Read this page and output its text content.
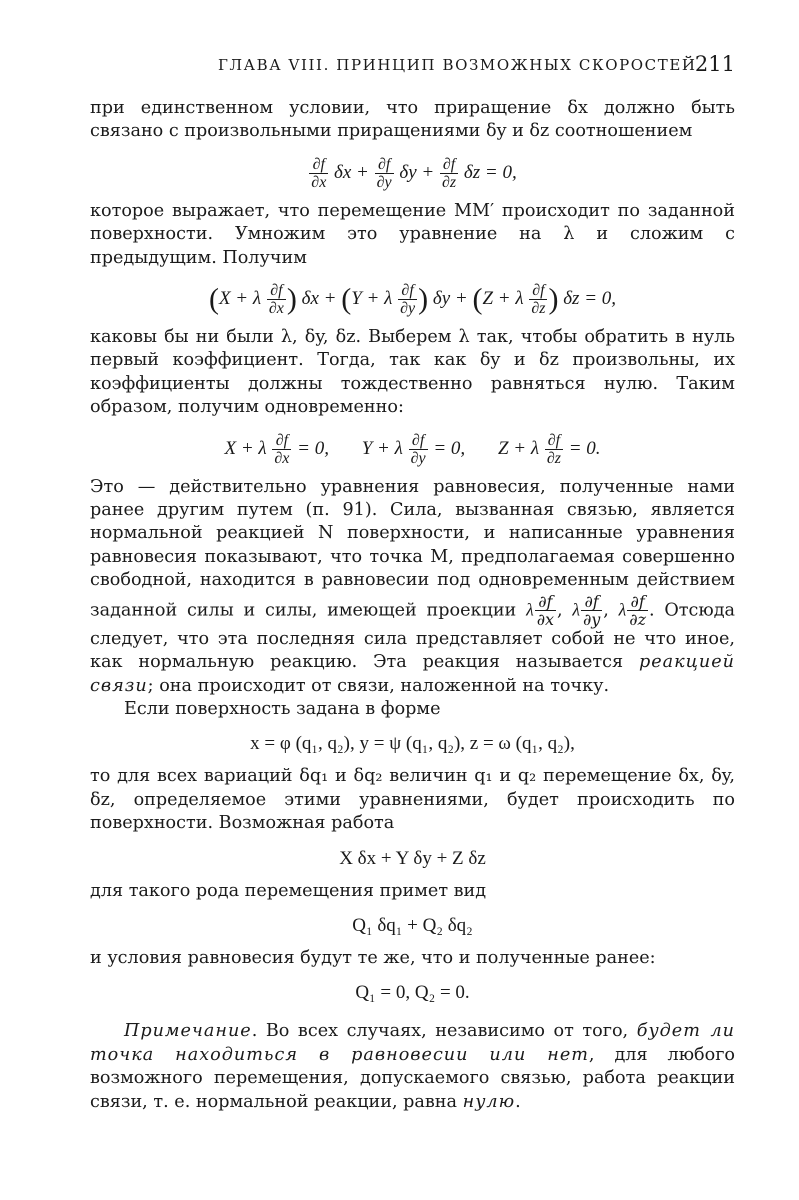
ГЛАВА VIII. ПРИНЦИП ВОЗМОЖНЫХ СКОРОСТЕЙ
211

при единственном условии, что приращение δx должно быть связано с произвольными приращениями δy и δz соотношением

$\frac{\partial f}{\partial x}$ $\delta x + \frac{\partial f}{\partial y}$ $\delta y + \frac{\partial f}{\partial z}$ δz = 0,

которое выражает, что перемещение MM′ происходит по заданной поверхности. Умножим это уравнение на λ и сложим с предыдущим. Получим

(X + λ $\frac{\partial f}{\partial x}$ ) δx + (Y + λ $\frac{\partial f}{\partial y}$ ) δy + (Z + λ $\frac{\partial f}{\partial z}$ ) δz = 0,

каковы бы ни были λ, δy, δz. Выберем λ так, чтобы обратить в нуль первый коэффициент. Тогда, так как δy и δz произвольны, их коэффициенты должны тождественно равняться нулю. Таким образом, получим одновременно:

X + λ $\frac{\partial f}{\partial x} = 0$, Y + λ $\frac{\partial f}{\partial y} = 0$, Z + λ $\frac{\partial f}{\partial z} = 0$.

Это — действительно уравнения равновесия, полученные нами ранее другим путем (п. 91). Сила, вызванная связью, является нормальной реакцией N поверхности, и написанные уравнения равновесия показывают, что точка M, предполагаемая совершенно свободной, находится в равновесии под одновременным действием заданной силы и силы, имеющей проекции λ $\frac{\partial f}{\partial x}$ , λ $\frac{\partial f}{\partial y}$ , λ $\frac{\partial f}{\partial z}$ . Отсюда следует, что эта последняя сила представляет собой не что иное, как нормальную реакцию. Эта реакция называется реакцией связи; она происходит от связи, наложенной на точку.

Если поверхность задана в форме

x = φ (q₁, q₂), y = ψ (q₁, q₂), z = ω (q₁, q₂),

то для всех вариаций δq₁ и δq₂ величин q₁ и q₂ перемещение δx, δy, δz, определяемое этими уравнениями, будет происходить по поверхности. Возможная работа

X δx + Y δy + Z δz

для такого рода перемещения примет вид

Q₁ δq₁ + Q₂ δq₂

и условия равновесия будут те же, что и полученные ранее:

Q₁ = 0, Q₂ = 0.

Примечание. Во всех случаях, независимо от того, будет ли точка находиться в равновесии или нет, для любого возможного перемещения, допускаемого связью, работа реакции связи, т. е. нормальной реакции, равна нулю.
